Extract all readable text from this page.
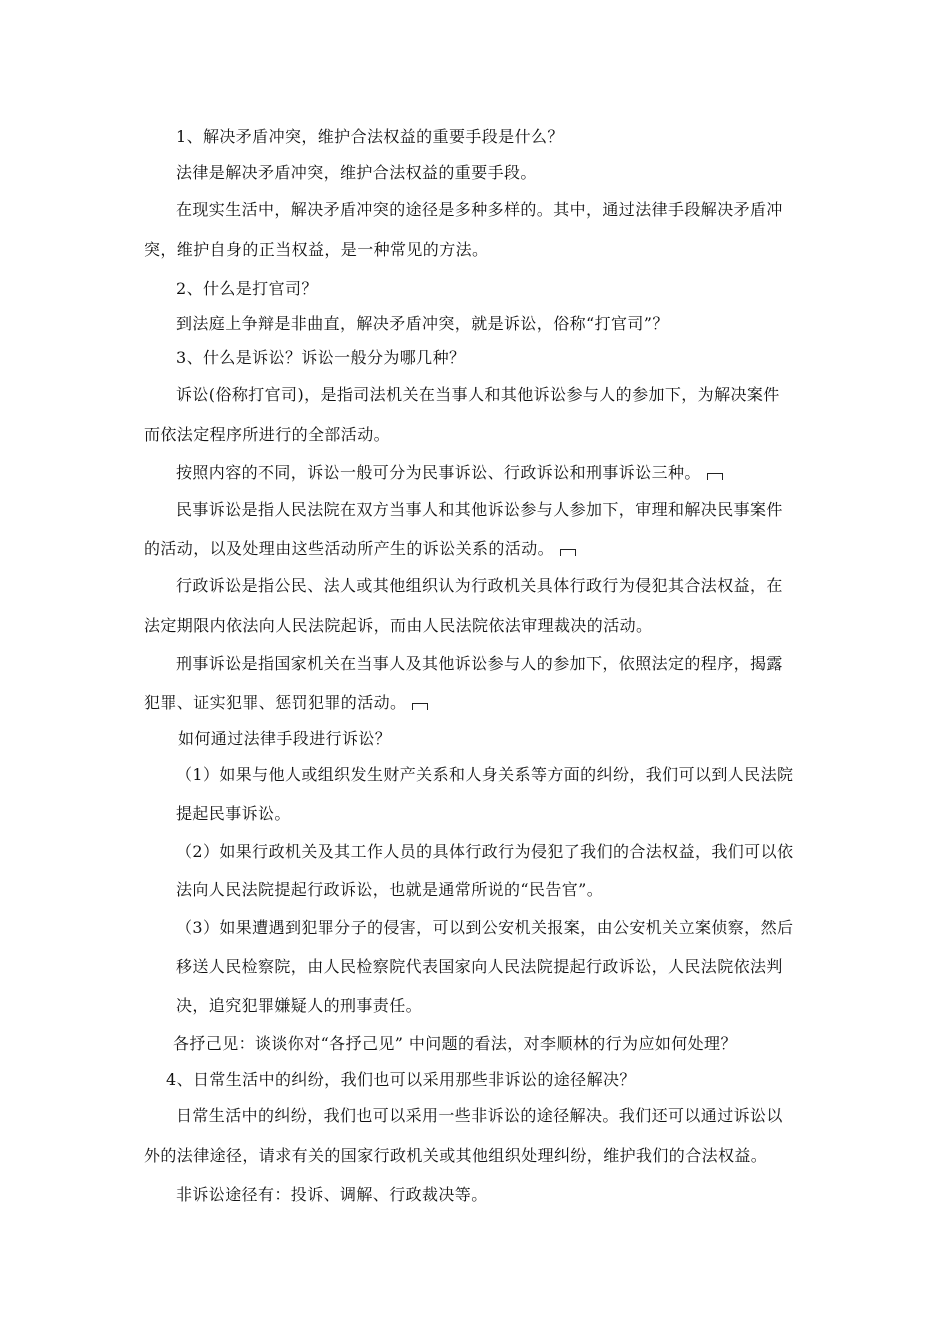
1、解决矛盾冲突，维护合法权益的重要手段是什么？
法律是解决矛盾冲突，维护合法权益的重要手段。
在现实生活中，解决矛盾冲突的途径是多种多样的。其中，通过法律手段解决矛盾冲
突，维护自身的正当权益，是一种常见的方法。
2、什么是打官司？
到法庭上争辩是非曲直，解决矛盾冲突，就是诉讼，俗称“打官司”？
3、什么是诉讼？诉讼一般分为哪几种？
诉讼(俗称打官司)，是指司法机关在当事人和其他诉讼参与人的参加下，为解决案件
而依法定程序所进行的全部活动。
按照内容的不同，诉讼一般可分为民事诉讼、行政诉讼和刑事诉讼三种。
民事诉讼是指人民法院在双方当事人和其他诉讼参与人参加下，审理和解决民事案件
的活动，以及处理由这些活动所产生的诉讼关系的活动。
行政诉讼是指公民、法人或其他组织认为行政机关具体行政行为侵犯其合法权益，在
法定期限内依法向人民法院起诉，而由人民法院依法审理裁决的活动。
刑事诉讼是指国家机关在当事人及其他诉讼参与人的参加下，依照法定的程序，揭露
犯罪、证实犯罪、惩罚犯罪的活动。
如何通过法律手段进行诉讼？
（1）如果与他人或组织发生财产关系和人身关系等方面的纠纷，我们可以到人民法院
提起民事诉讼。
（2）如果行政机关及其工作人员的具体行政行为侵犯了我们的合法权益，我们可以依
法向人民法院提起行政诉讼，也就是通常所说的“民告官”。
（3）如果遭遇到犯罪分子的侵害，可以到公安机关报案，由公安机关立案侦察，然后
移送人民检察院，由人民检察院代表国家向人民法院提起行政诉讼，人民法院依法判
决，追究犯罪嫌疑人的刑事责任。
各抒己见：谈谈你对“各抒己见” 中问题的看法，对李顺林的行为应如何处理？
4、日常生活中的纠纷，我们也可以采用那些非诉讼的途径解决？
日常生活中的纠纷，我们也可以采用一些非诉讼的途径解决。我们还可以通过诉讼以
外的法律途径，请求有关的国家行政机关或其他组织处理纠纷，维护我们的合法权益。
非诉讼途径有：投诉、调解、行政裁决等。
